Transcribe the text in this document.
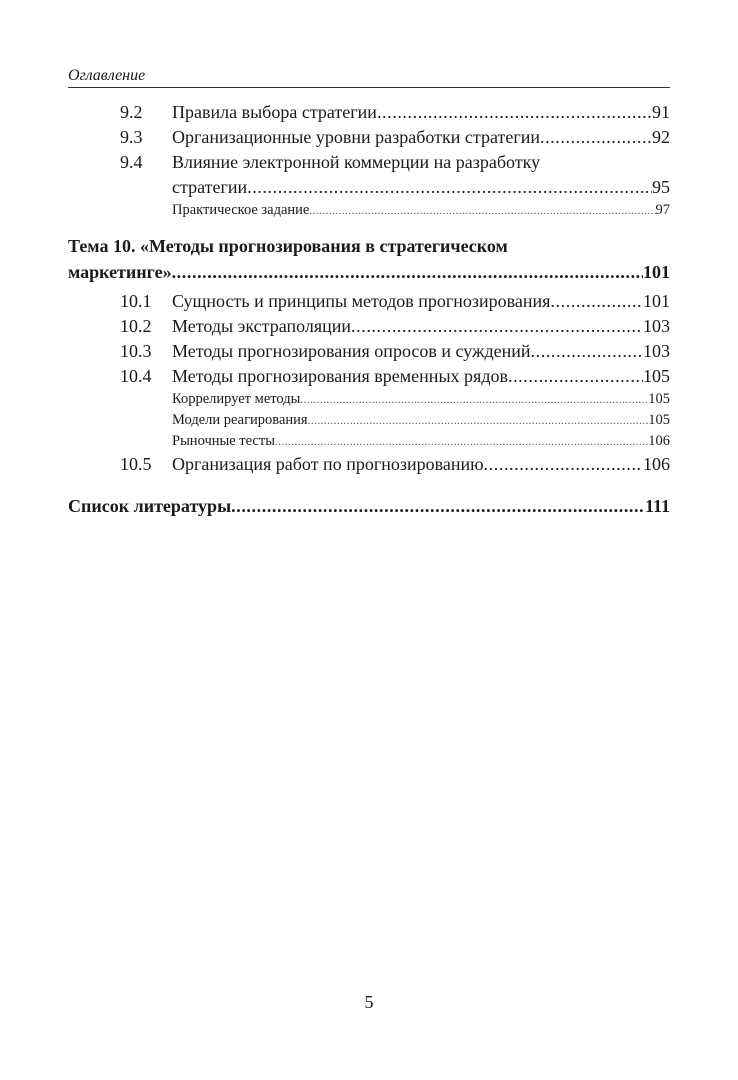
Оглавление
9.2 Правила выбора стратегии .....	91
9.3 Организационные уровни разработки стратегии .....	92
9.4 Влияние электронной коммерции на разработку
стратегии .....	95
Практическое задание .....	97
Тема 10. «Методы прогнозирования в стратегическом
маркетинге» .....	101
10.1 Сущность и принципы методов прогнозирования .....	101
10.2 Методы экстраполяции .....	103
10.3 Методы прогнозирования опросов и суждений .....	103
10.4 Методы прогнозирования временных рядов .....	105
Коррелирует методы .....	105
Модели реагирования .....	105
Рыночные тесты .....	106
10.5 Организация работ по прогнозированию .....	106
Список литературы .....	111
5
